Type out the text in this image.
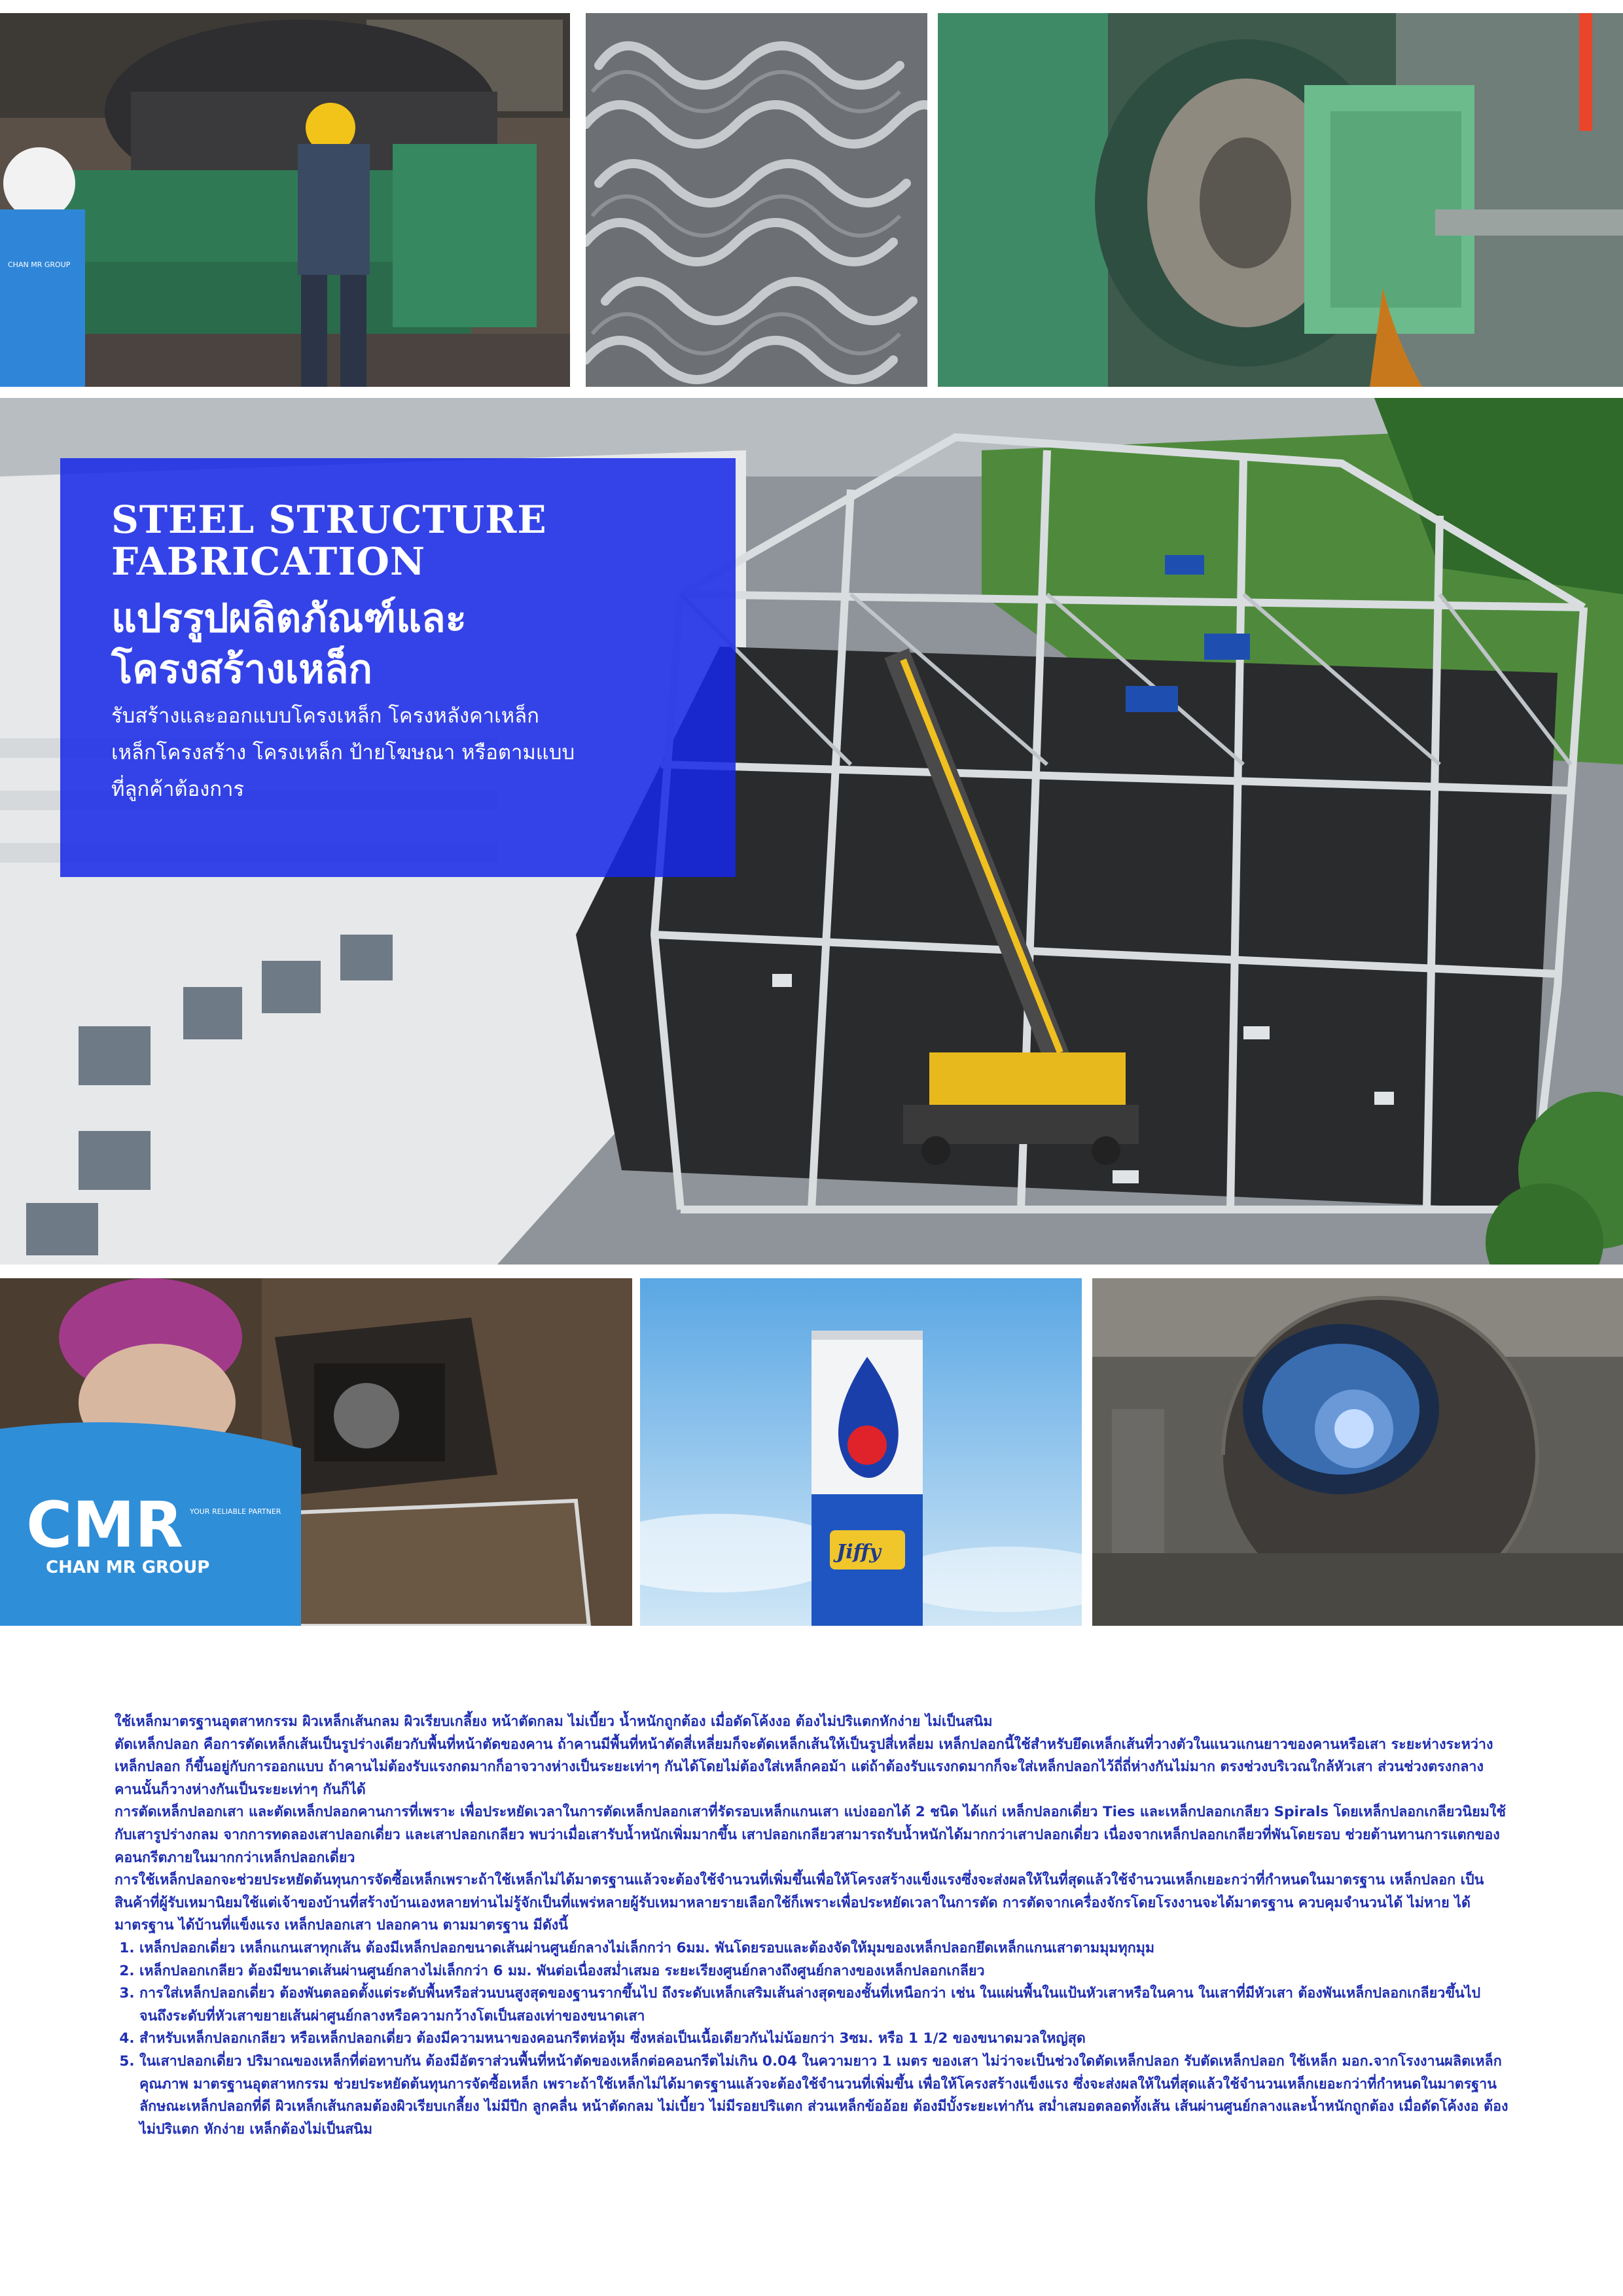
CHAN MR GROUP

STEEL STRUCTURE

FABRICATION

แปรรูปผลิตภัณฑ์และ
โครงสร้างเหล็ก

รับสร้างและออกแบบโครงเหล็ก โครงหลังคาเหล็ก
เหล็กโครงสร้าง โครงเหล็ก ป้ายโฆษณา หรือตามแบบ
ที่ลูกค้าต้องการ

CMR
CHAN MR GROUP
YOUR RELIABLE PARTNER
Jiffy

ใช้เหล็กมาตรฐานอุตสาหกรรม ผิวเหล็กเส้นกลม ผิวเรียบเกลี้ยง หน้าตัดกลม ไม่เบี้ยว น้ำหนักถูกต้อง เมื่อดัดโค้งงอ ต้องไม่ปริแตกหักง่าย ไม่เป็นสนิม

ตัดเหล็กปลอก คือการตัดเหล็กเส้นเป็นรูปร่างเดียวกับพื้นที่หน้าตัดของคาน ถ้าคานมีพื้นที่หน้าตัดสี่เหลี่ยมก็จะตัดเหล็กเส้นให้เป็นรูปสี่เหลี่ยม เหล็กปลอกนี้ใช้สำหรับยึดเหล็กเส้นที่วางตัวในแนวแกนยาวของคานหรือเสา ระยะห่างระหว่างเหล็กปลอก ก็ขึ้นอยู่กับการออกแบบ ถ้าคานไม่ต้องรับแรงกดมากก็อาจวางห่างเป็นระยะเท่าๆ กันได้โดยไม่ต้องใส่เหล็กคอม้า แต่ถ้าต้องรับแรงกดมากก็จะใส่เหล็กปลอกไว้ถี่ถี่ห่างกันไม่มาก ตรงช่วงบริเวณใกล้หัวเสา ส่วนช่วงตรงกลางคานนั้นก็วางห่างกันเป็นระยะเท่าๆ กันก็ได้

การตัดเหล็กปลอกเสา และตัดเหล็กปลอกคานการที่เพราะ เพื่อประหยัดเวลาในการตัดเหล็กปลอกเสาที่รัดรอบเหล็กแกนเสา แบ่งออกได้ 2 ชนิด ได้แก่ เหล็กปลอกเดี่ยว Ties และเหล็กปลอกเกลียว Spirals โดยเหล็กปลอกเกลียวนิยมใช้กับเสารูปร่างกลม จากการทดลองเสาปลอกเดี่ยว และเสาปลอกเกลียว พบว่าเมื่อเสารับน้ำหนักเพิ่มมากขึ้น เสาปลอกเกลียวสามารถรับน้ำหนักได้มากกว่าเสาปลอกเดี่ยว เนื่องจากเหล็กปลอกเกลียวที่พันโดยรอบ ช่วยต้านทานการแตกของคอนกรีตภายในมากกว่าเหล็กปลอกเดี่ยว

การใช้เหล็กปลอกจะช่วยประหยัดต้นทุนการจัดซื้อเหล็กเพราะถ้าใช้เหล็กไม่ได้มาตรฐานแล้วจะต้องใช้จำนวนที่เพิ่มขึ้นเพื่อให้โครงสร้างแข็งแรงซึ่งจะส่งผลให้ในที่สุดแล้วใช้จำนวนเหล็กเยอะกว่าที่กำหนดในมาตรฐาน เหล็กปลอก เป็นสินค้าที่ผู้รับเหมานิยมใช้แต่เจ้าของบ้านที่สร้างบ้านเองหลายท่านไม่รู้จักเป็นที่แพร่หลายผู้รับเหมาหลายรายเลือกใช้ก็เพราะเพื่อประหยัดเวลาในการตัด การตัดจากเครื่องจักรโดยโรงงานจะได้มาตรฐาน ควบคุมจำนวนได้ ไม่หาย ได้มาตรฐาน ได้บ้านที่แข็งแรง เหล็กปลอกเสา ปลอกคาน ตามมาตรฐาน มีดังนี้

1. เหล็กปลอกเดี่ยว เหล็กแกนเสาทุกเส้น ต้องมีเหล็กปลอกขนาดเส้นผ่านศูนย์กลางไม่เล็กกว่า 6มม. พันโดยรอบและต้องจัดให้มุมของเหล็กปลอกยึดเหล็กแกนเสาตามมุมทุกมุม
2. เหล็กปลอกเกลียว ต้องมีขนาดเส้นผ่านศูนย์กลางไม่เล็กกว่า 6 มม. พันต่อเนื่องสม่ำเสมอ ระยะเรียงศูนย์กลางถึงศูนย์กลางของเหล็กปลอกเกลียว
3. การใส่เหล็กปลอกเดี่ยว ต้องพันตลอดตั้งแต่ระดับพื้นหรือส่วนบนสูงสุดของฐานรากขึ้นไป ถึงระดับเหล็กเสริมเส้นล่างสุดของชั้นที่เหนือกว่า เช่น ในแผ่นพื้นในแป้นหัวเสาหรือในคาน ในเสาที่มีหัวเสา ต้องพันเหล็กปลอกเกลียวขึ้นไปจนถึงระดับที่หัวเสาขยายเส้นผ่าศูนย์กลางหรือความกว้างโตเป็นสองเท่าของขนาดเสา
4. สำหรับเหล็กปลอกเกลียว หรือเหล็กปลอกเดี่ยว ต้องมีความหนาของคอนกรีตห่อหุ้ม ซึ่งหล่อเป็นเนื้อเดียวกันไม่น้อยกว่า 3ซม. หรือ 1 1/2 ของขนาดมวลใหญ่สุด
5. ในเสาปลอกเดี่ยว ปริมาณของเหล็กที่ต่อทาบกัน ต้องมีอัตราส่วนพื้นที่หน้าตัดของเหล็กต่อคอนกรีตไม่เกิน 0.04 ในความยาว 1 เมตร ของเสา ไม่ว่าจะเป็นช่วงใดตัดเหล็กปลอก รับตัดเหล็กปลอก ใช้เหล็ก มอก.จากโรงงานผลิตเหล็กคุณภาพ มาตรฐานอุตสาหกรรม ช่วยประหยัดต้นทุนการจัดซื้อเหล็ก เพราะถ้าใช้เหล็กไม่ได้มาตรฐานแล้วจะต้องใช้จำนวนที่เพิ่มขึ้น เพื่อให้โครงสร้างแข็งแรง ซึ่งจะส่งผลให้ในที่สุดแล้วใช้จำนวนเหล็กเยอะกว่าที่กำหนดในมาตรฐานลักษณะเหล็กปลอกที่ดี ผิวเหล็กเส้นกลมต้องผิวเรียบเกลี้ยง ไม่มีปีก ลูกคลื่น หน้าตัดกลม ไม่เบี้ยว ไม่มีรอยปริแตก ส่วนเหล็กข้ออ้อย ต้องมีบั้งระยะเท่ากัน สม่ำเสมอตลอดทั้งเส้น เส้นผ่านศูนย์กลางและน้ำหนักถูกต้อง เมื่อดัดโค้งงอ ต้องไม่ปริแตก หักง่าย เหล็กต้องไม่เป็นสนิม
